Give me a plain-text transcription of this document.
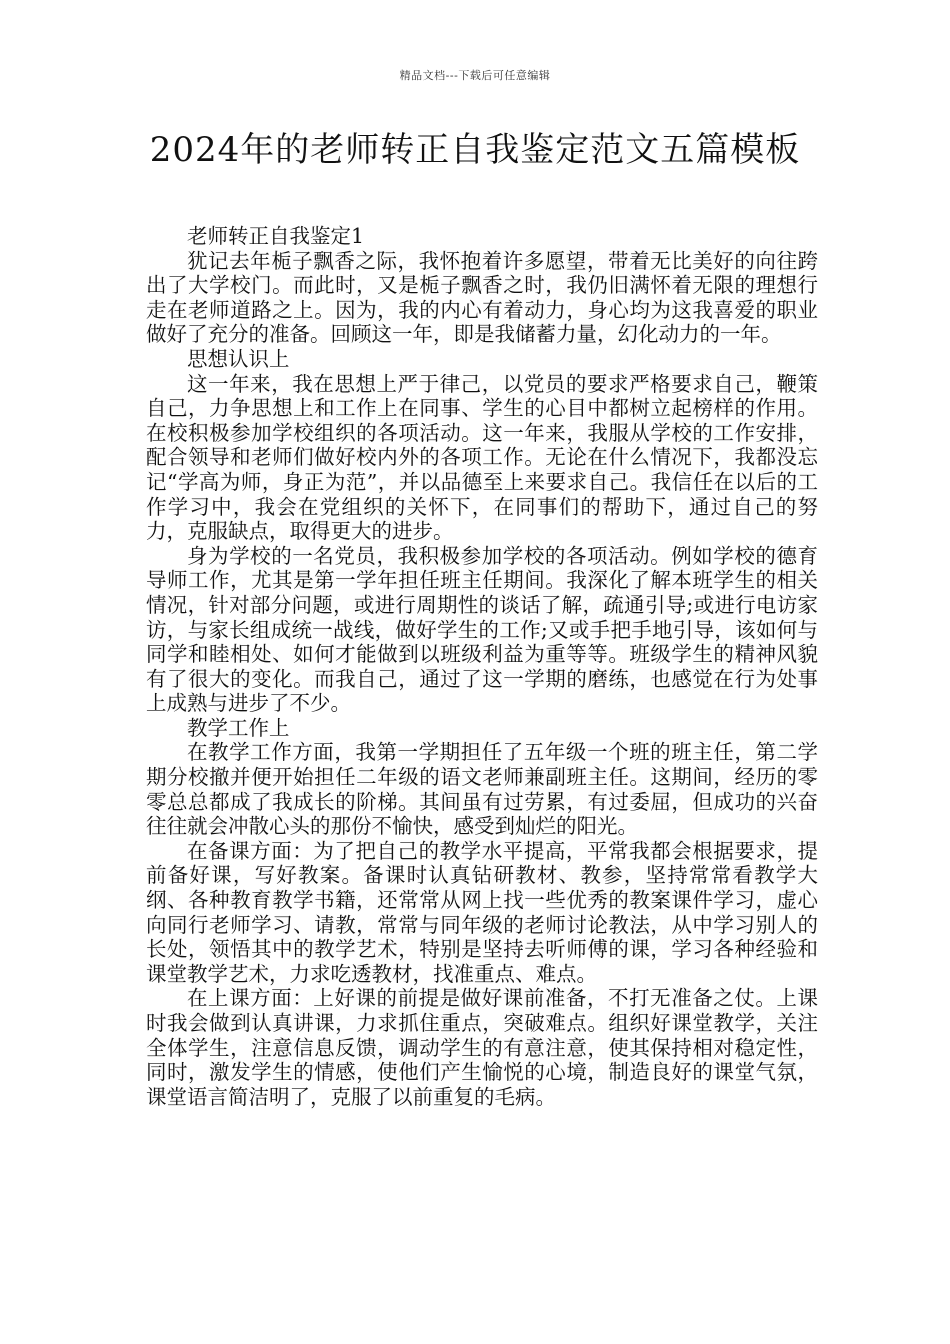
精品文档---下载后可任意编辑
2024年的老师转正自我鉴定范文五篇模板

老师转正自我鉴定1

犹记去年栀子飘香之际，我怀抱着许多愿望，带着无比美好的向往跨出了大学校门。而此时，又是栀子飘香之时，我仍旧满怀着无限的理想行走在老师道路之上。因为，我的内心有着动力，身心均为这我喜爱的职业做好了充分的准备。回顾这一年，即是我储蓄力量，幻化动力的一年。

思想认识上

这一年来，我在思想上严于律己，以党员的要求严格要求自己，鞭策自己，力争思想上和工作上在同事、学生的心目中都树立起榜样的作用。在校积极参加学校组织的各项活动。这一年来，我服从学校的工作安排，配合领导和老师们做好校内外的各项工作。无论在什么情况下，我都没忘记“学高为师，身正为范”，并以品德至上来要求自己。我信任在以后的工作学习中，我会在党组织的关怀下，在同事们的帮助下，通过自己的努力，克服缺点，取得更大的进步。

身为学校的一名党员，我积极参加学校的各项活动。例如学校的德育导师工作，尤其是第一学年担任班主任期间。我深化了解本班学生的相关情况，针对部分问题，或进行周期性的谈话了解，疏通引导;或进行电访家访，与家长组成统一战线，做好学生的工作;又或手把手地引导，该如何与同学和睦相处、如何才能做到以班级利益为重等等。班级学生的精神风貌有了很大的变化。而我自己，通过了这一学期的磨练，也感觉在行为处事上成熟与进步了不少。

教学工作上

在教学工作方面，我第一学期担任了五年级一个班的班主任，第二学期分校撤并便开始担任二年级的语文老师兼副班主任。这期间，经历的零零总总都成了我成长的阶梯。其间虽有过劳累，有过委屈，但成功的兴奋往往就会冲散心头的那份不愉快，感受到灿烂的阳光。

在备课方面：为了把自己的教学水平提高，平常我都会根据要求，提前备好课，写好教案。备课时认真钻研教材、教参，坚持常常看教学大纲、各种教育教学书籍，还常常从网上找一些优秀的教案课件学习，虚心向同行老师学习、请教，常常与同年级的老师讨论教法，从中学习别人的长处，领悟其中的教学艺术，特别是坚持去听师傅的课，学习各种经验和课堂教学艺术，力求吃透教材，找准重点、难点。

在上课方面：上好课的前提是做好课前准备，不打无准备之仗。上课时我会做到认真讲课，力求抓住重点，突破难点。组织好课堂教学，关注全体学生，注意信息反馈，调动学生的有意注意，使其保持相对稳定性，同时，激发学生的情感，使他们产生愉悦的心境，制造良好的课堂气氛，课堂语言简洁明了，克服了以前重复的毛病。
